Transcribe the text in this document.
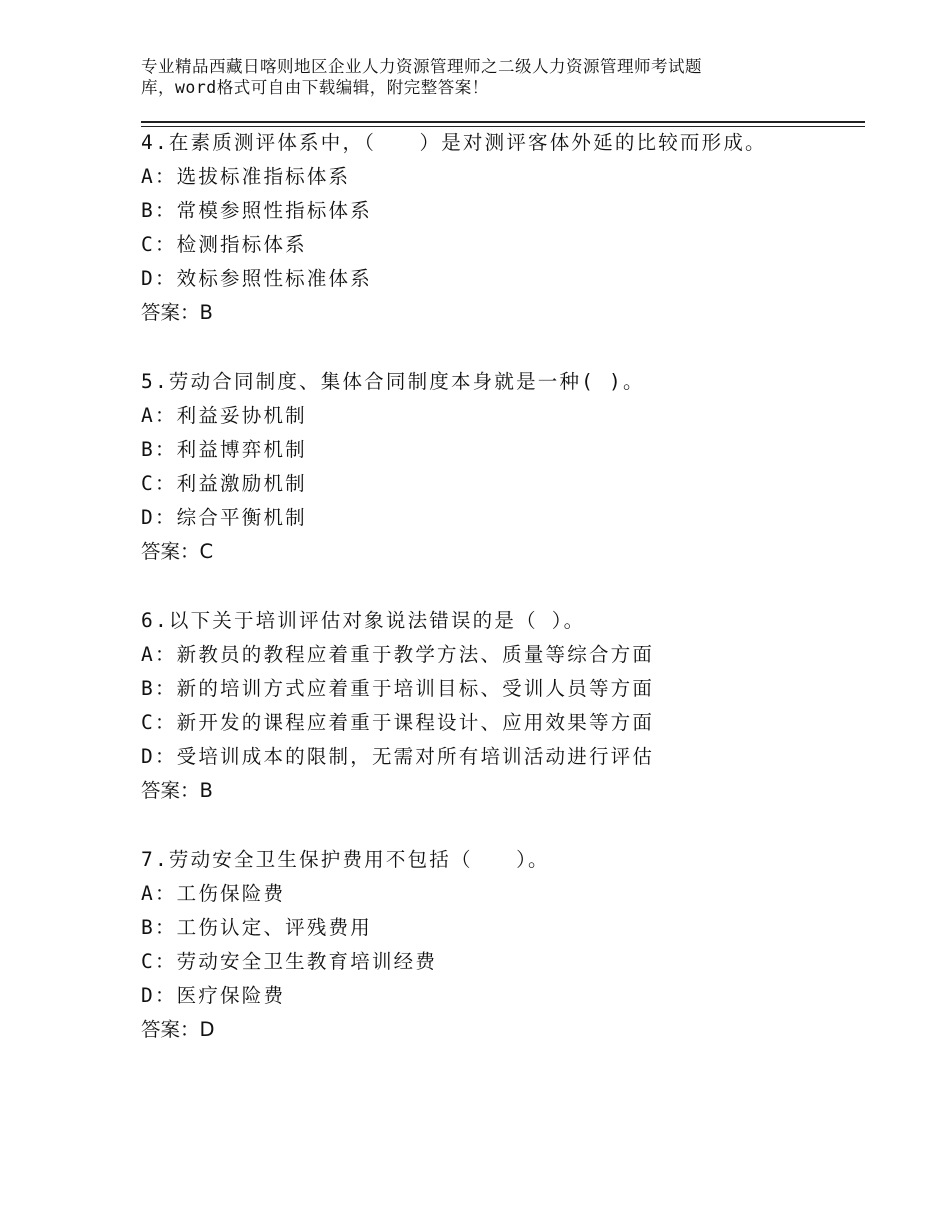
专业精品西藏日喀则地区企业人力资源管理师之二级人力资源管理师考试题
库，word格式可自由下载编辑，附完整答案！
4.在素质测评体系中，（　　）是对测评客体外延的比较而形成。
A：选拔标准指标体系
B：常模参照性指标体系
C：检测指标体系
D：效标参照性标准体系
答案：B
5.劳动合同制度、集体合同制度本身就是一种( )。
A：利益妥协机制
B：利益博弈机制
C：利益激励机制
D：综合平衡机制
答案：C
6.以下关于培训评估对象说法错误的是（ ）。
A：新教员的教程应着重于教学方法、质量等综合方面
B：新的培训方式应着重于培训目标、受训人员等方面
C：新开发的课程应着重于课程设计、应用效果等方面
D：受培训成本的限制，无需对所有培训活动进行评估
答案：B
7.劳动安全卫生保护费用不包括（　　）。
A：工伤保险费
B：工伤认定、评残费用
C：劳动安全卫生教育培训经费
D：医疗保险费
答案：D
